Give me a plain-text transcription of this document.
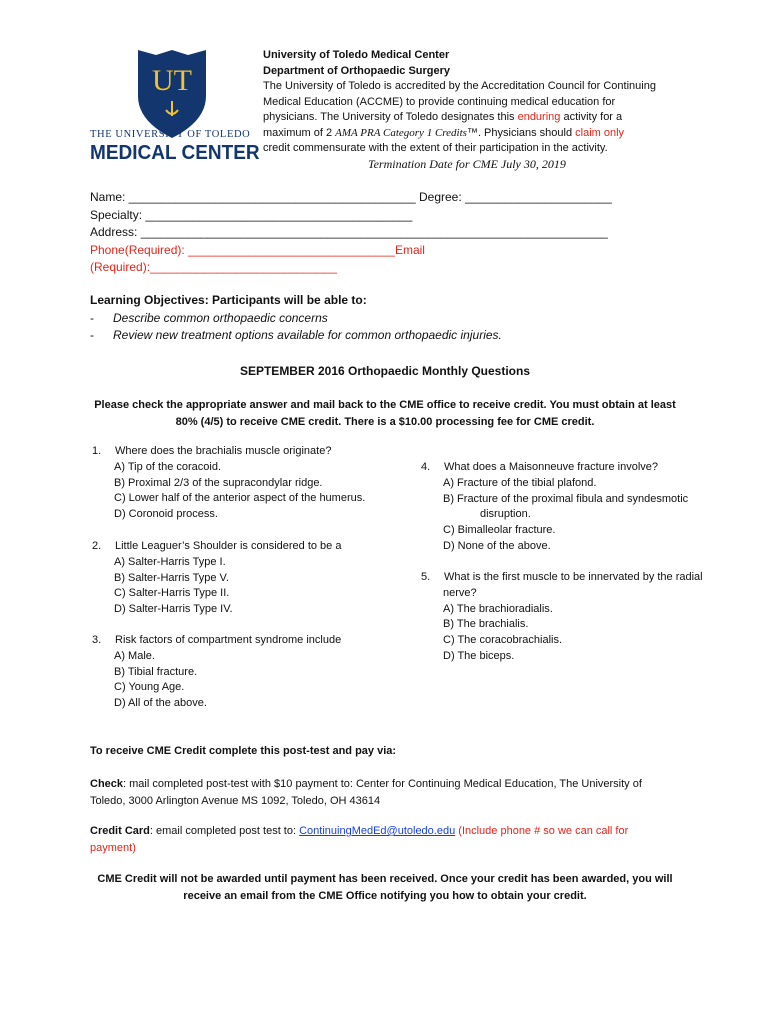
UT
THE UNIVERSITY OF TOLEDO
MEDICAL CENTER
University of Toledo Medical Center
Department of Orthopaedic Surgery
The University of Toledo is accredited by the Accreditation Council for Continuing
Medical Education (ACCME) to provide continuing medical education for
physicians. The University of Toledo designates this enduring activity for a
maximum of 2 AMA PRA Category 1 Credits™. Physicians should claim only
credit commensurate with the extent of their participation in the activity.
Termination Date for CME July 30, 2019
Name: ___________________________________________ Degree: ______________________
Specialty: ________________________________________
Address: ______________________________________________________________________
Phone(Required): _______________________________Email
(Required):____________________________
Learning Objectives: Participants will be able to:
- Describe common orthopaedic concerns
- Review new treatment options available for common orthopaedic injuries.
SEPTEMBER 2016 Orthopaedic Monthly Questions
Please check the appropriate answer and mail back to the CME office to receive credit. You must obtain at least
80% (4/5) to receive CME credit. There is a $10.00 processing fee for CME credit.
1. Where does the brachialis muscle originate?
A) Tip of the coracoid.
B) Proximal 2/3 of the supracondylar ridge.
C) Lower half of the anterior aspect of the humerus.
D) Coronoid process.
2. Little Leaguer’s Shoulder is considered to be a
A) Salter-Harris Type I.
B) Salter-Harris Type V.
C) Salter-Harris Type II.
D) Salter-Harris Type IV.
3. Risk factors of compartment syndrome include
A) Male.
B) Tibial fracture.
C) Young Age.
D) All of the above.
4. What does a Maisonneuve fracture involve?
A) Fracture of the tibial plafond.
B) Fracture of the proximal fibula and syndesmotic
disruption.
C) Bimalleolar fracture.
D) None of the above.
5. What is the first muscle to be innervated by the radial
nerve?
A) The brachioradialis.
B) The brachialis.
C) The coracobrachialis.
D) The biceps.
To receive CME Credit complete this post-test and pay via:
Check: mail completed post-test with $10 payment to: Center for Continuing Medical Education, The University of
Toledo, 3000 Arlington Avenue MS 1092, Toledo, OH 43614
Credit Card: email completed post test to: ContinuingMedEd@utoledo.edu (Include phone # so we can call for
payment)
CME Credit will not be awarded until payment has been received. Once your credit has been awarded, you will
receive an email from the CME Office notifying you how to obtain your credit.
